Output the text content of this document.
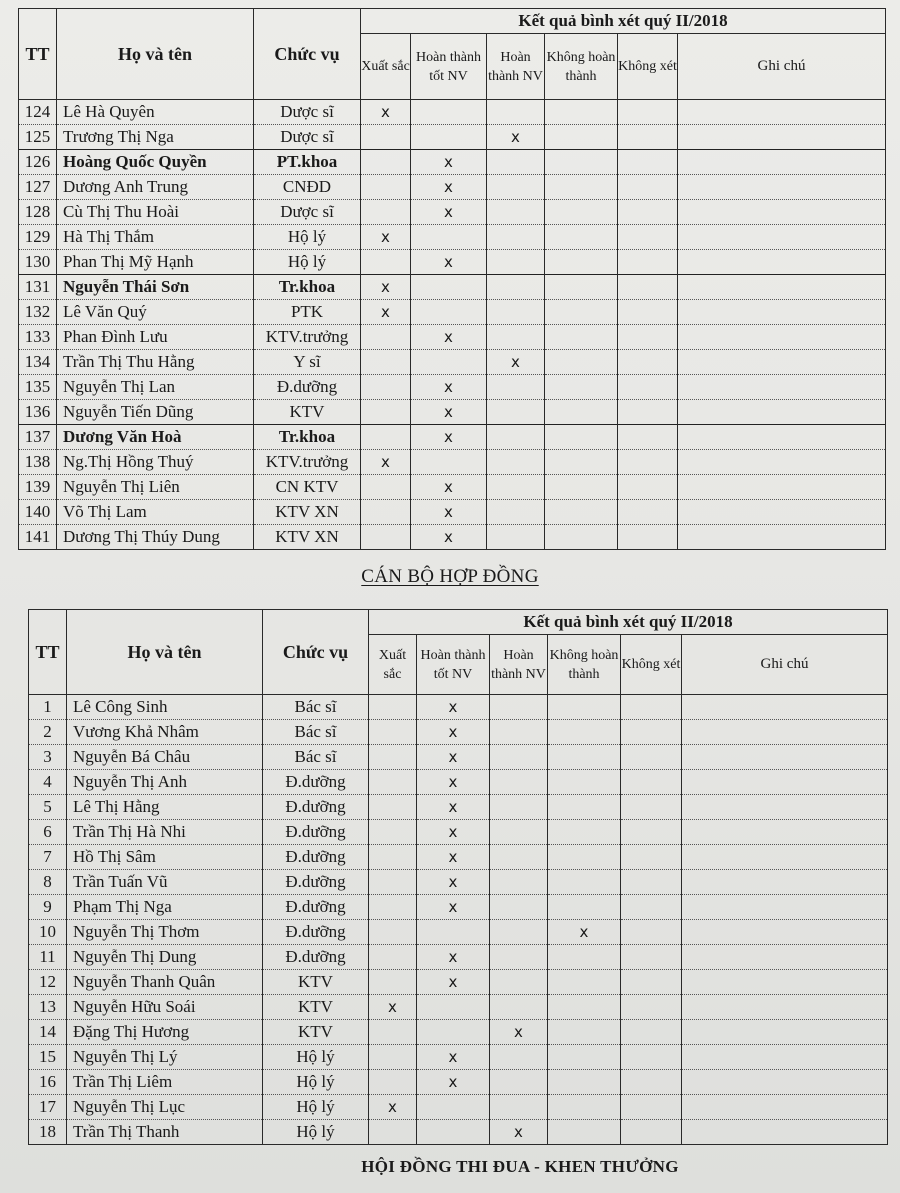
TT	Họ và tên	Chức vụ	Kết quả bình xét quý II/2018					
			Xuất sắc	Hoàn thành tốt NV	Hoàn thành NV	Không hoàn thành	Không xét	Ghi chú
124	Lê Hà Quyên	Dược sĩ	x					
125	Trương Thị Nga	Dược sĩ			x			
126	Hoàng Quốc Quyền	PT.khoa		x				
127	Dương Anh Trung	CNĐD		x				
128	Cù Thị Thu Hoài	Dược sĩ		x				
129	Hà Thị Thắm	Hộ lý	x					
130	Phan Thị Mỹ Hạnh	Hộ lý		x				
131	Nguyễn Thái Sơn	Tr.khoa	x					
132	Lê Văn Quý	PTK	x					
133	Phan Đình Lưu	KTV.trưởng		x				
134	Trần Thị Thu Hằng	Y sĩ			x			
135	Nguyễn Thị Lan	Đ.dưỡng		x				
136	Nguyễn Tiến Dũng	KTV		x				
137	Dương Văn Hoà	Tr.khoa		x				
138	Ng.Thị Hồng Thuý	KTV.trưởng	x					
139	Nguyễn Thị Liên	CN KTV		x				
140	Võ Thị Lam	KTV XN		x				
141	Dương Thị Thúy Dung	KTV XN		x				
CÁN BỘ HỢP ĐỒNG
TT	Họ và tên	Chức vụ	Kết quả bình xét quý II/2018					
			Xuất sắc	Hoàn thành tốt NV	Hoàn thành NV	Không hoàn thành	Không xét	Ghi chú
1	Lê Công Sinh	Bác sĩ		x				
2	Vương Khả Nhâm	Bác sĩ		x				
3	Nguyễn Bá Châu	Bác sĩ		x				
4	Nguyễn Thị Anh	Đ.dưỡng		x				
5	Lê Thị Hằng	Đ.dưỡng		x				
6	Trần Thị Hà Nhi	Đ.dưỡng		x				
7	Hồ Thị Sâm	Đ.dưỡng		x				
8	Trần Tuấn Vũ	Đ.dưỡng		x				
9	Phạm Thị Nga	Đ.dưỡng		x				
10	Nguyễn Thị Thơm	Đ.dưỡng				x		
11	Nguyễn Thị Dung	Đ.dưỡng		x				
12	Nguyễn Thanh Quân	KTV		x				
13	Nguyễn Hữu Soái	KTV	x					
14	Đặng Thị Hương	KTV			x			
15	Nguyễn Thị Lý	Hộ lý		x				
16	Trần Thị Liêm	Hộ lý		x				
17	Nguyễn Thị Lục	Hộ lý	x					
18	Trần Thị Thanh	Hộ lý			x			
HỘI ĐỒNG THI ĐUA - KHEN THƯỞNG
